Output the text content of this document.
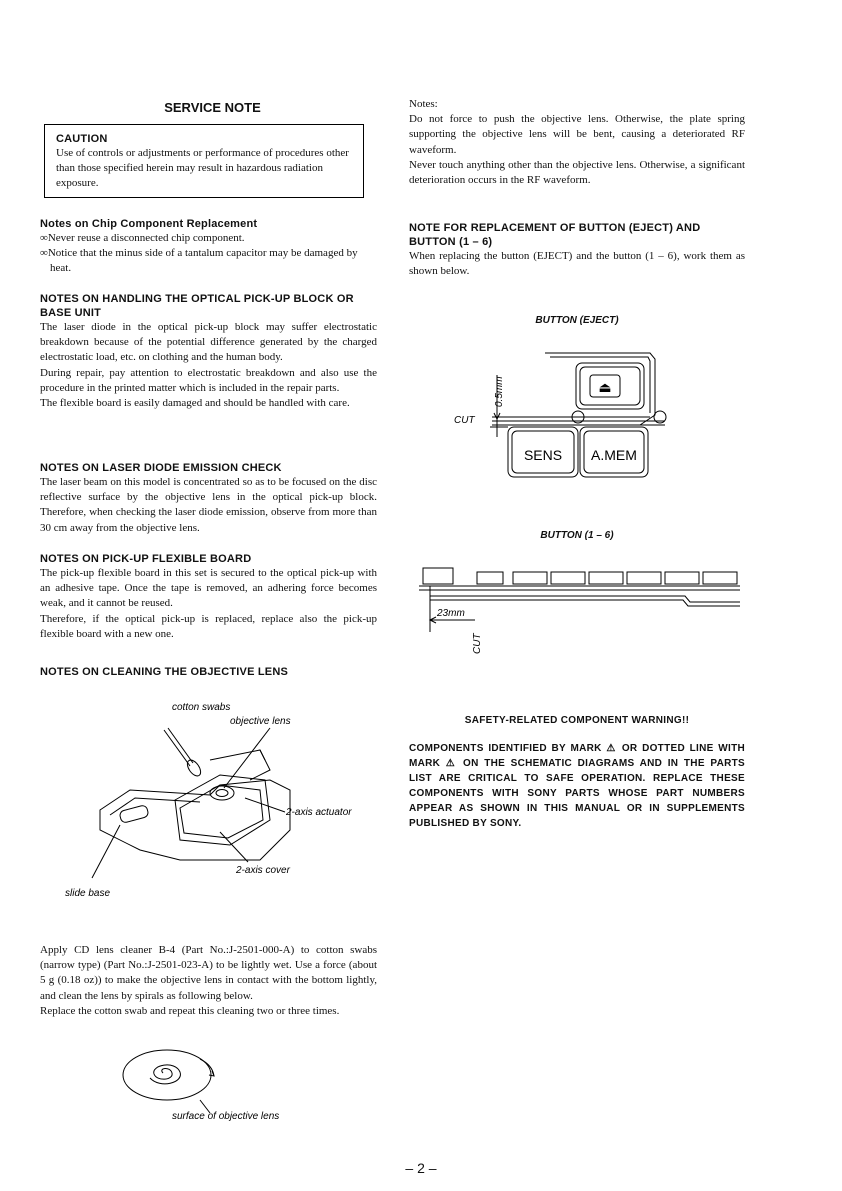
SERVICE NOTE
CAUTION
Use of controls or adjustments or performance of procedures other than those specified herein may result in hazardous radiation exposure.
Notes on Chip Component Replacement

∞Never reuse a disconnected chip component.

∞Notice that the minus side of a tantalum capacitor may be damaged by heat.

NOTES ON HANDLING THE OPTICAL PICK-UP BLOCK OR BASE UNIT

The laser diode in the optical pick-up block may suffer electrostatic breakdown because of the potential difference generated by the charged electrostatic load, etc. on clothing and the human body.

During repair, pay attention to electrostatic breakdown and also use the procedure in the printed matter which is included in the repair parts.

The flexible board is easily damaged and should be handled with care.

NOTES ON LASER DIODE EMISSION CHECK

The laser beam on this model is concentrated so as to be focused on the disc reflective surface by the objective lens in the optical pick-up block. Therefore, when checking the laser diode emission, observe from more than 30 cm away from the objective lens.

NOTES ON PICK-UP FLEXIBLE BOARD

The pick-up flexible board in this set is secured to the optical pick-up with an adhesive tape. Once the tape is removed, an adhering force becomes weak, and it cannot be reused.

Therefore, if the optical pick-up is replaced, replace also the pick-up flexible board with a new one.

NOTES ON CLEANING THE OBJECTIVE LENS
cotton swabs
objective lens
2-axis actuator
2-axis cover
slide base

Apply CD lens cleaner B-4 (Part No.:J-2501-000-A) to cotton swabs (narrow type) (Part No.:J-2501-023-A) to be lightly wet. Use a force (about 5 g (0.18 oz)) to make the objective lens in contact with the bottom lightly, and clean the lens by spirals as following below.

Replace the cotton swab and repeat this cleaning two or three times.

surface of objective lens
Notes:

Do not force to push the objective lens. Otherwise, the plate spring supporting the objective lens will be bent, causing a deteriorated RF waveform.

Never touch anything other than the objective lens. Otherwise, a significant deterioration occurs in the RF waveform.

NOTE FOR REPLACEMENT OF BUTTON (EJECT) AND BUTTON (1 – 6)

When replacing the button (EJECT) and the button (1 – 6), work them as shown below.

BUTTON (EJECT)
⏏
0.5mm
CUT
SENS A.MEM
BUTTON (1 – 6)
23mm
CUT
SAFETY-RELATED COMPONENT WARNING!!
COMPONENTS IDENTIFIED BY MARK ⚠ OR DOTTED LINE WITH MARK ⚠ ON THE SCHEMATIC DIAGRAMS AND IN THE PARTS LIST ARE CRITICAL TO SAFE OPERATION. REPLACE THESE COMPONENTS WITH SONY PARTS WHOSE PART NUMBERS APPEAR AS SHOWN IN THIS MANUAL OR IN SUPPLEMENTS PUBLISHED BY SONY.
– 2 –
